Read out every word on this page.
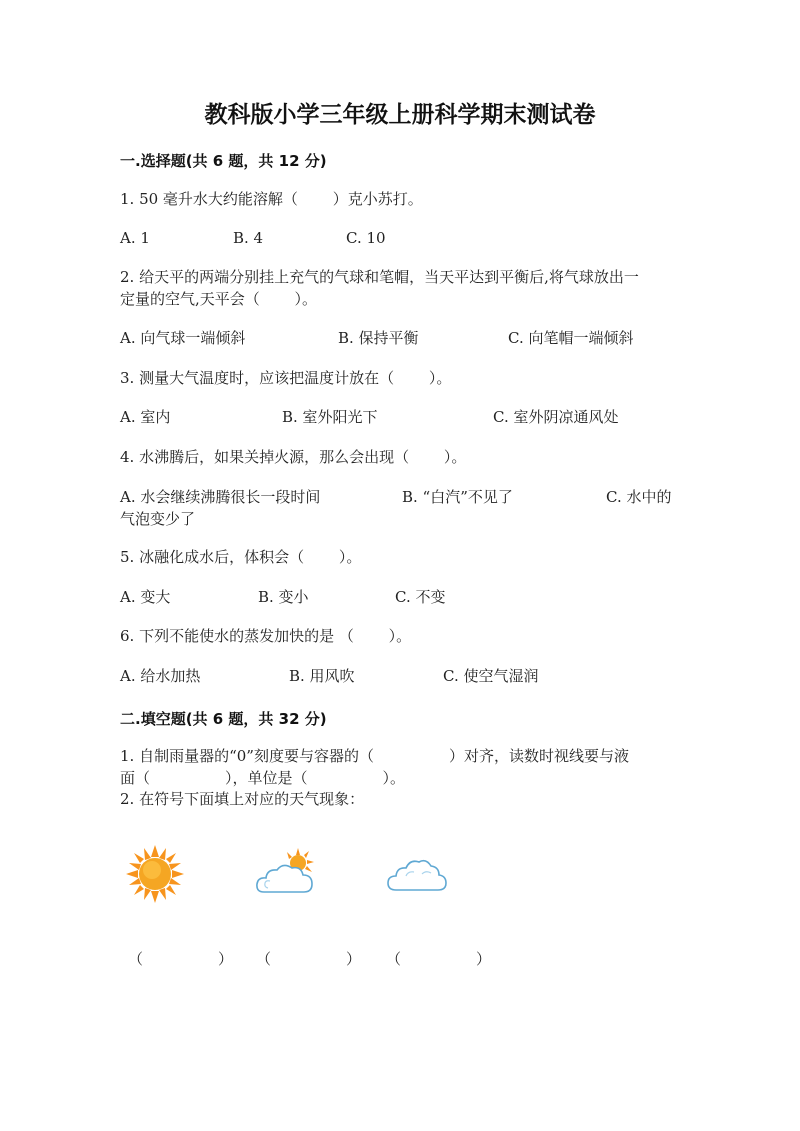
教科版小学三年级上册科学期末测试卷
一.选择题(共 6 题，共 12 分)
1. 50 毫升水大约能溶解（　　 ）克小苏打。
A. 1	B. 4	C. 10
2. 给天平的两端分别挂上充气的气球和笔帽，当天平达到平衡后,将气球放出一
定量的空气,天平会（　　 ）。
A. 向气球一端倾斜	B. 保持平衡	C. 向笔帽一端倾斜
3. 测量大气温度时，应该把温度计放在（　　 ）。
A. 室内	B. 室外阳光下	C. 室外阴凉通风处
4. 水沸腾后，如果关掉火源，那么会出现（　　 ）。
A. 水会继续沸腾很长一段时间	B. “白汽”不见了	C. 水中的
气泡变少了
5. 冰融化成水后，体积会（　　 ）。
A. 变大	B. 变小	C. 不变
6. 下列不能使水的蒸发加快的是 （　　 ）。
A. 给水加热	B. 用风吹	C. 使空气湿润
二.填空题(共 6 题，共 32 分)
1. 自制雨量器的“0”刻度要与容器的（　　　　　）对齐，读数时视线要与液
面（　　　　　），单位是（　　　　　）。
2. 在符号下面填上对应的天气现象：
（　　　　　） （　　　　　） （　　　　　）
